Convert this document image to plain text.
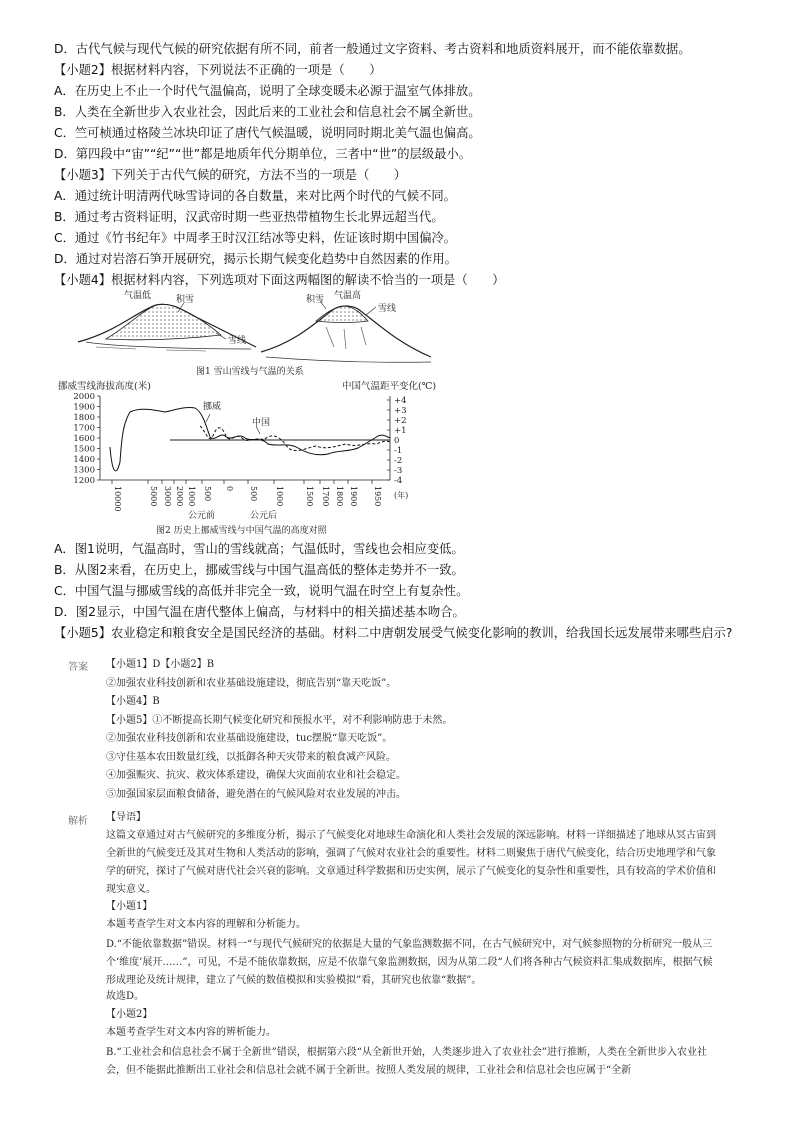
D．古代气候与现代气候的研究依据有所不同，前者一般通过文字资料、考古资料和地质资料展开，而不能依靠数据。
【小题2】根据材料内容，下列说法不正确的一项是（　　）
A．在历史上不止一个时代气温偏高，说明了全球变暖未必源于温室气体排放。
B．人类在全新世步入农业社会，因此后来的工业社会和信息社会不属全新世。
C．竺可桢通过格陵兰冰块印证了唐代气候温暖，说明同时期北美气温也偏高。
D．第四段中“宙”“纪”“世”都是地质年代分期单位，三者中“世”的层级最小。
【小题3】下列关于古代气候的研究，方法不当的一项是（　　）
A．通过统计明清两代咏雪诗词的各自数量，来对比两个时代的气候不同。
B．通过考古资料证明，汉武帝时期一些亚热带植物生长北界远超当代。
C．通过《竹书纪年》中周孝王时汉江结冰等史料，佐证该时期中国偏冷。
D．通过对岩溶石笋开展研究，揭示长期气候变化趋势中自然因素的作用。
【小题4】根据材料内容，下列选项对下面这两幅图的解读不恰当的一项是（　　）
气温低	积雪
雪线
积雪 气温高
雪线
图1 雪山雪线与气温的关系
挪威雪线海拔高度(米)	中国气温距平变化(℃)
2000
1900
1800
1700
1600
1500
1400
1300
1200
+4
+3
+2
+1
0
-1
-2
-3
-4
挪威
中国
10000	5000 3000 2000 1000 500 0 500 1000	1500 1700 1800 1900 1950 (年)
公元前	公元后
图2 历史上挪威雪线与中国气温的高度对照
A．图1说明，气温高时，雪山的雪线就高；气温低时，雪线也会相应变低。
B．从图2来看，在历史上，挪威雪线与中国气温高低的整体走势并不一致。
C．中国气温与挪威雪线的高低并非完全一致，说明气温在时空上有复杂性。
D．图2显示，中国气温在唐代整体上偏高，与材料中的相关描述基本吻合。
【小题5】农业稳定和粮食安全是国民经济的基础。材料二中唐朝发展受气候变化影响的教训，给我国长远发展带来哪些启示?
答案 【小题1】D【小题2】B
②加强农业科技创新和农业基础设施建设，彻底告别“靠天吃饭”。
【小题4】B
【小题5】①不断提高长期气候变化研究和预报水平，对不利影响防患于未然。
②加强农业科技创新和农业基础设施建设，tuc摆脱“靠天吃饭”。
③守住基本农田数量红线，以抵御各种天灾带来的粮食减产风险。
④加强赈灾、抗灾、救灾体系建设，确保大灾面前农业和社会稳定。
⑤加强国家层面粮食储备，避免潜在的气候风险对农业发展的冲击。
解析 【导语】
这篇文章通过对古气候研究的多维度分析，揭示了气候变化对地球生命演化和人类社会发展的深远影响。材料一详细描述了地球从冥古宙到全新世的气候变迁及其对生物和人类活动的影响，强调了气候对农业社会的重要性。材料二则聚焦于唐代气候变化，结合历史地理学和气象学的研究，探讨了气候对唐代社会兴衰的影响。文章通过科学数据和历史实例，展示了气候变化的复杂性和重要性，具有较高的学术价值和现实意义。
【小题1】
本题考查学生对文本内容的理解和分析能力。
D.“不能依靠数据”错误。材料一“与现代气候研究的依据是大量的气象监测数据不同，在古气候研究中，对气候参照物的分析研究一般从三个‘维度’展开……”，可见，不是不能依靠数据，应是不依靠气象监测数据，因为从第二段“人们将各种古气候资料汇集成数据库，根据气候形成理论及统计规律，建立了气候的数值模拟和实验模拟”看，其研究也依靠“数据”。
故选D。
【小题2】
本题考查学生对文本内容的辨析能力。
B.“工业社会和信息社会不属于全新世”错误，根据第六段“从全新世开始，人类逐步进入了农业社会”进行推断，人类在全新世步入农业社会，但不能据此推断出工业社会和信息社会就不属于全新世。按照人类发展的规律，工业社会和信息社会也应属于“全新
